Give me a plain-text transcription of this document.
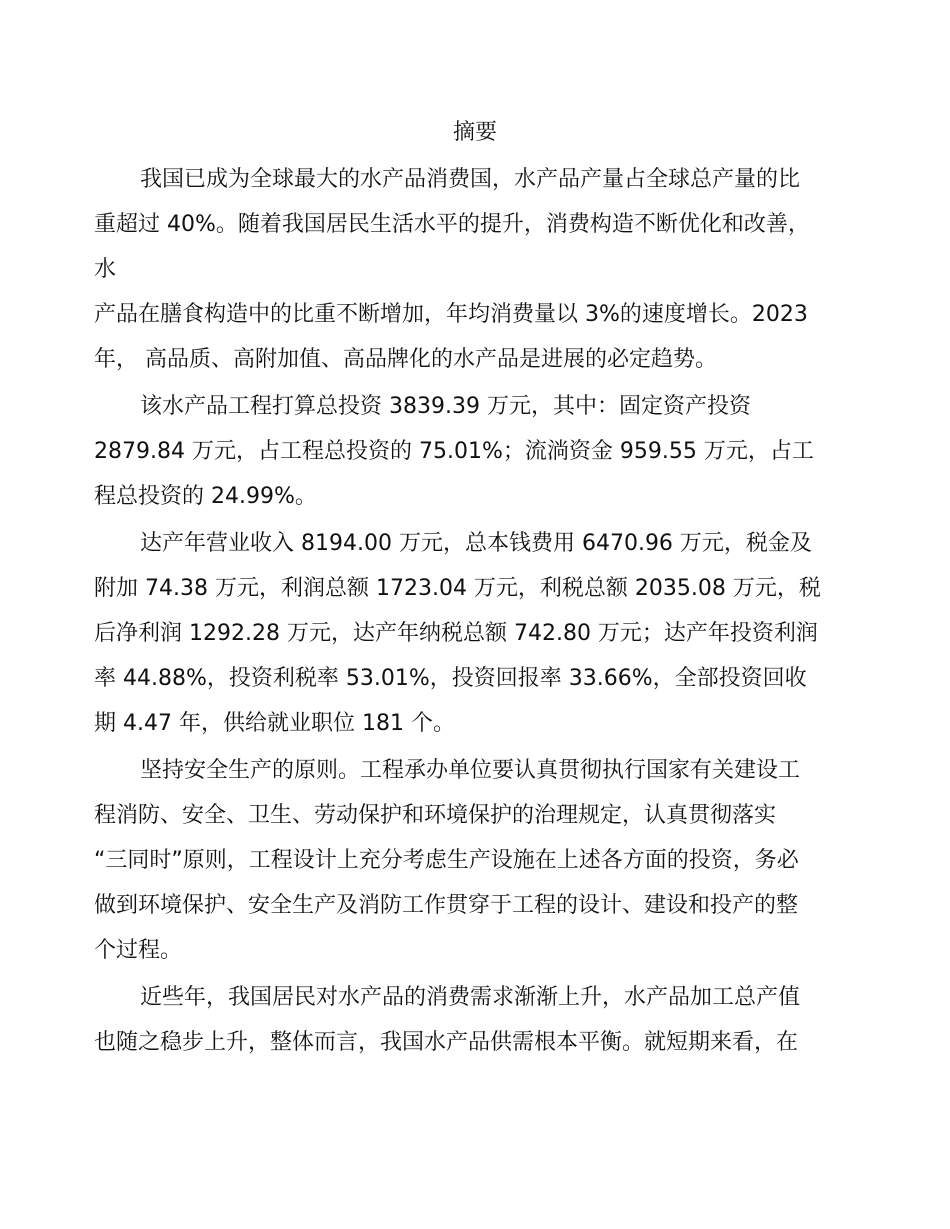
摘要
我国已成为全球最大的水产品消费国，水产品产量占全球总产量的比
重超过 40%。随着我国居民生活水平的提升，消费构造不断优化和改善，
水
产品在膳食构造中的比重不断增加，年均消费量以 3%的速度增长。2023
年， 高品质、高附加值、高品牌化的水产品是进展的必定趋势。
该水产品工程打算总投资 3839.39 万元，其中：固定资产投资
2879.84 万元，占工程总投资的 75.01%；流淌资金 959.55 万元，占工
程总投资的 24.99%。
达产年营业收入 8194.00 万元，总本钱费用 6470.96 万元，税金及
附加 74.38 万元，利润总额 1723.04 万元，利税总额 2035.08 万元，税
后净利润 1292.28 万元，达产年纳税总额 742.80 万元；达产年投资利润
率 44.88%，投资利税率 53.01%，投资回报率 33.66%，全部投资回收
期 4.47 年，供给就业职位 181 个。
坚持安全生产的原则。工程承办单位要认真贯彻执行国家有关建设工
程消防、安全、卫生、劳动保护和环境保护的治理规定，认真贯彻落实
“三同时”原则，工程设计上充分考虑生产设施在上述各方面的投资，务必
做到环境保护、安全生产及消防工作贯穿于工程的设计、建设和投产的整
个过程。
近些年，我国居民对水产品的消费需求渐渐上升，水产品加工总产值
也随之稳步上升，整体而言，我国水产品供需根本平衡。就短期来看，在
